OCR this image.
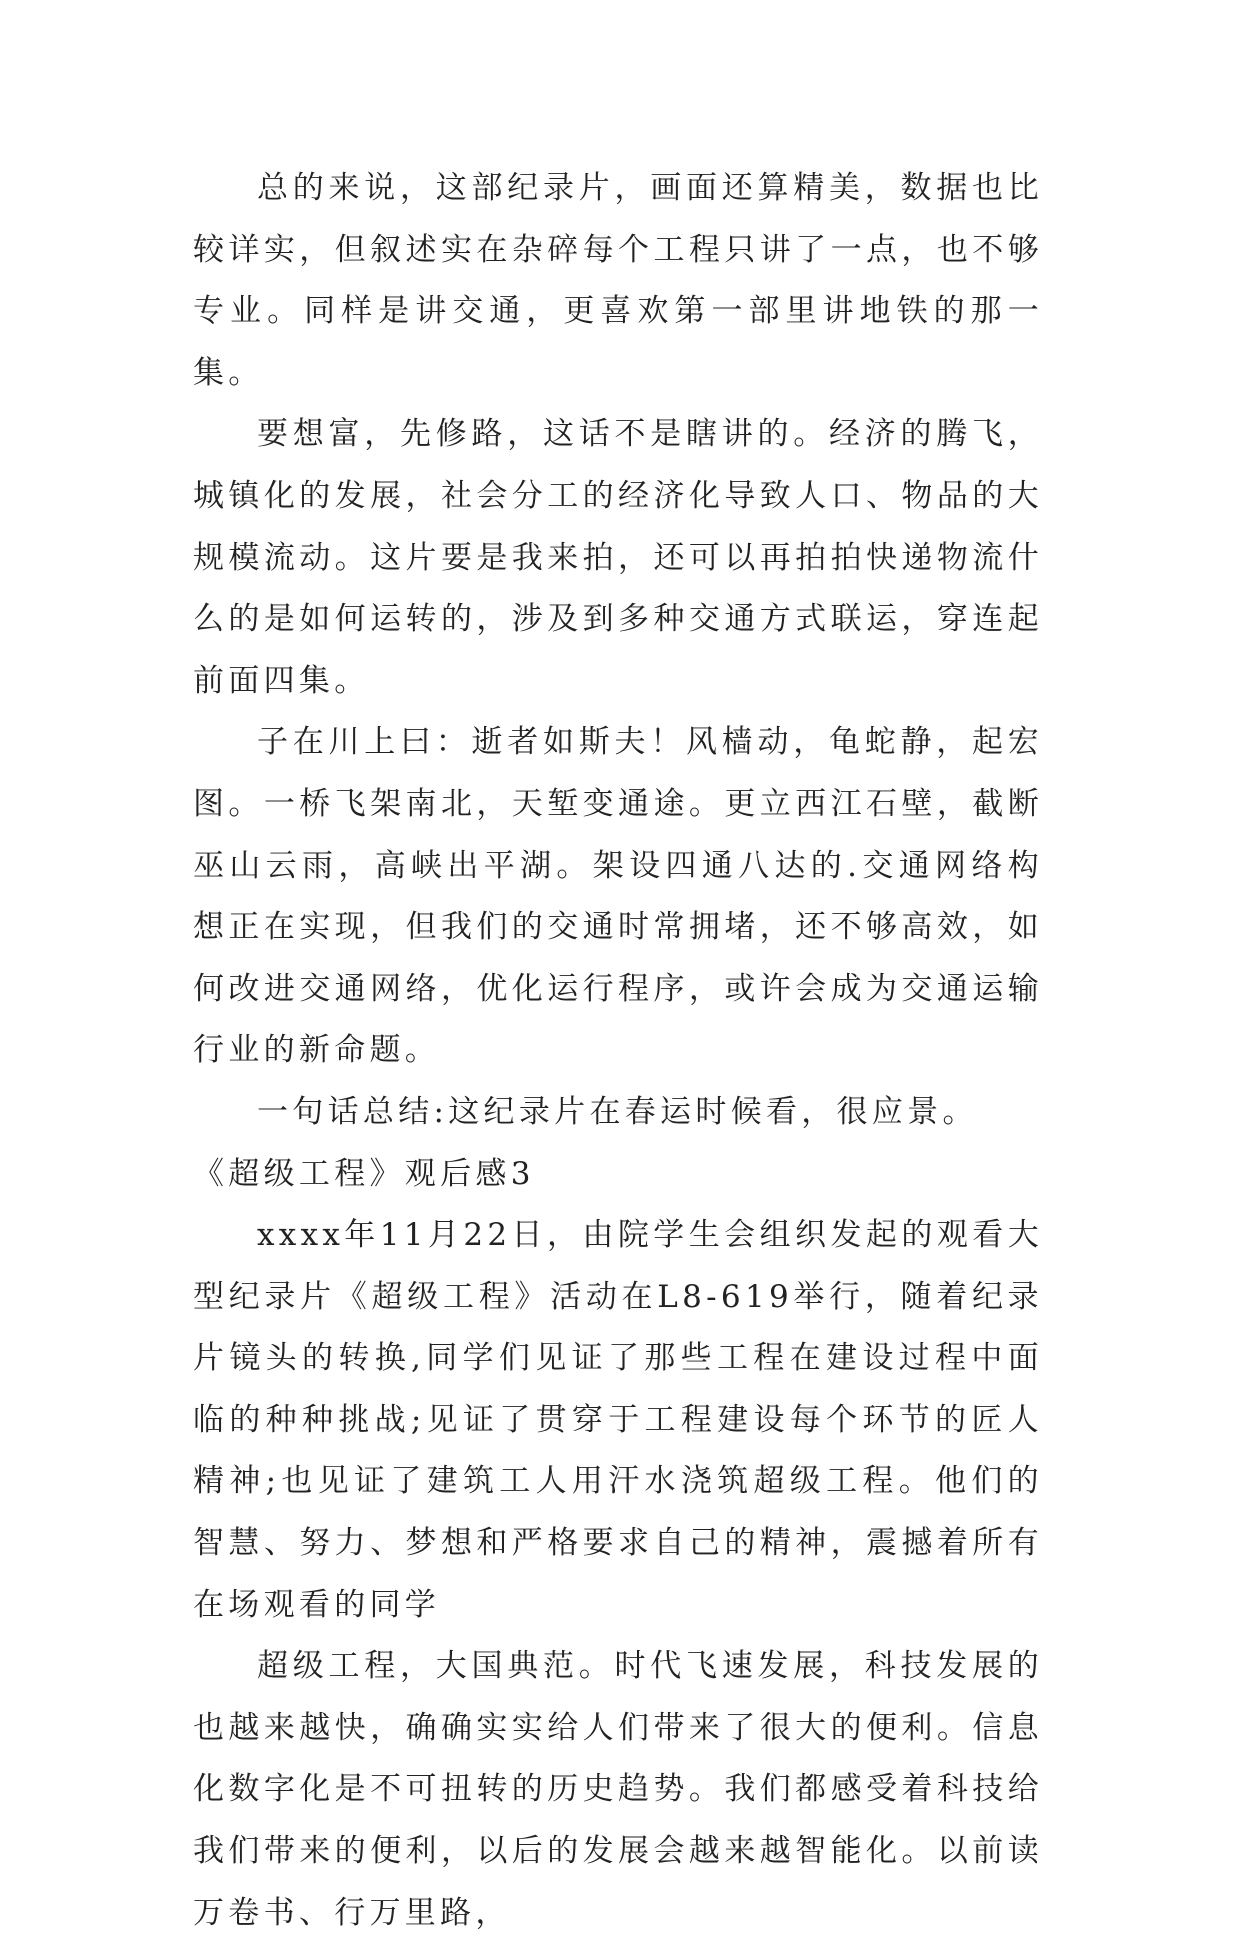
总的来说，这部纪录片，画面还算精美，数据也比较详实，但叙述实在杂碎每个工程只讲了一点，也不够专业。同样是讲交通，更喜欢第一部里讲地铁的那一集。

要想富，先修路，这话不是瞎讲的。经济的腾飞，城镇化的发展，社会分工的经济化导致人口、物品的大规模流动。这片要是我来拍，还可以再拍拍快递物流什么的是如何运转的，涉及到多种交通方式联运，穿连起前面四集。

子在川上曰：逝者如斯夫！风樯动，龟蛇静，起宏图。一桥飞架南北，天堑变通途。更立西江石壁，截断巫山云雨，高峡出平湖。架设四通八达的.交通网络构想正在实现，但我们的交通时常拥堵，还不够高效，如何改进交通网络，优化运行程序，或许会成为交通运输行业的新命题。

一句话总结:这纪录片在春运时候看，很应景。

《超级工程》观后感3

xxxx年11月22日，由院学生会组织发起的观看大型纪录片《超级工程》活动在L8-619举行，随着纪录片镜头的转换,同学们见证了那些工程在建设过程中面临的种种挑战;见证了贯穿于工程建设每个环节的匠人精神;也见证了建筑工人用汗水浇筑超级工程。他们的智慧、努力、梦想和严格要求自己的精神，震撼着所有在场观看的同学

超级工程，大国典范。时代飞速发展，科技发展的也越来越快，确确实实给人们带来了很大的便利。信息化数字化是不可扭转的历史趋势。我们都感受着科技给我们带来的便利，以后的发展会越来越智能化。以前读万卷书、行万里路，
